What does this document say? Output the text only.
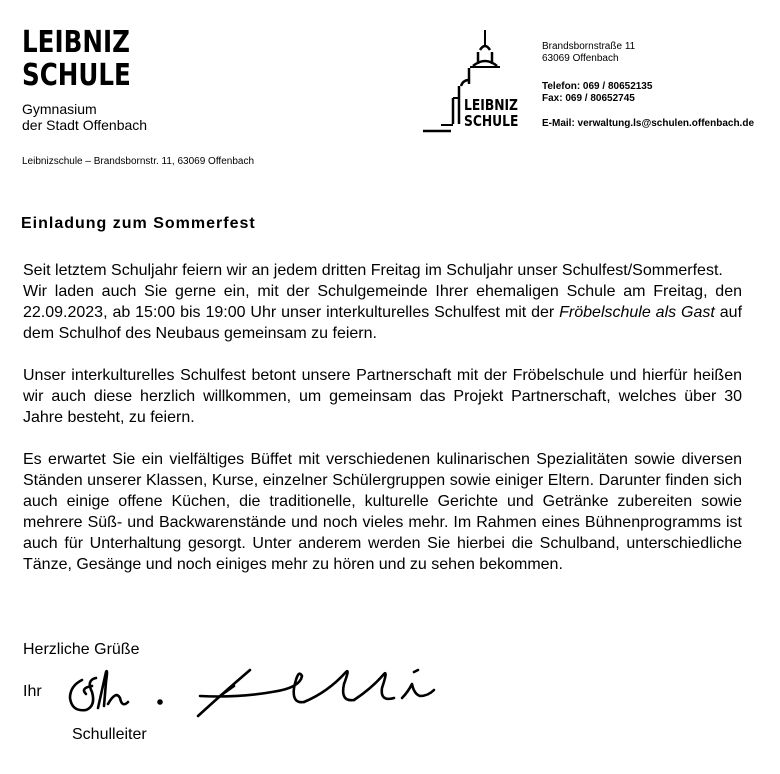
LEIBNIZ
SCHULE
Gymnasium
der Stadt Offenbach
Leibnizschule – Brandsbornstr. 11, 63069 Offenbach
LEIBNIZ
SCHULE
Brandsbornstraße 11
63069 Offenbach
Telefon: 069 / 80652135
Fax: 069 / 80652745
E-Mail: verwaltung.ls@schulen.offenbach.de
Einladung zum Sommerfest

Seit letztem Schuljahr feiern wir an jedem dritten Freitag im Schuljahr unser Schulfest/Sommerfest.

Wir laden auch Sie gerne ein, mit der Schulgemeinde Ihrer ehemaligen Schule am Freitag, den 22.09.2023, ab 15:00 bis 19:00 Uhr unser interkulturelles Schulfest mit der Fröbelschule als Gast auf dem Schulhof des Neubaus gemeinsam zu feiern.

Unser interkulturelles Schulfest betont unsere Partnerschaft mit der Fröbelschule und hierfür heißen wir auch diese herzlich willkommen, um gemeinsam das Projekt Partnerschaft, welches über 30 Jahre besteht, zu feiern.

Es erwartet Sie ein vielfältiges Büffet mit verschiedenen kulinarischen Spezialitäten sowie diversen Ständen unserer Klassen, Kurse, einzelner Schülergruppen sowie einiger Eltern. Darunter finden sich auch einige offene Küchen, die traditionelle, kulturelle Gerichte und Getränke zubereiten sowie mehrere Süß- und Backwarenstände und noch vieles mehr. Im Rahmen eines Bühnenprogramms ist auch für Unterhaltung gesorgt. Unter anderem werden Sie hierbei die Schulband, unterschiedliche Tänze, Gesänge und noch einiges mehr zu hören und zu sehen bekommen.

Herzliche Grüße
Ihr
Schulleiter
